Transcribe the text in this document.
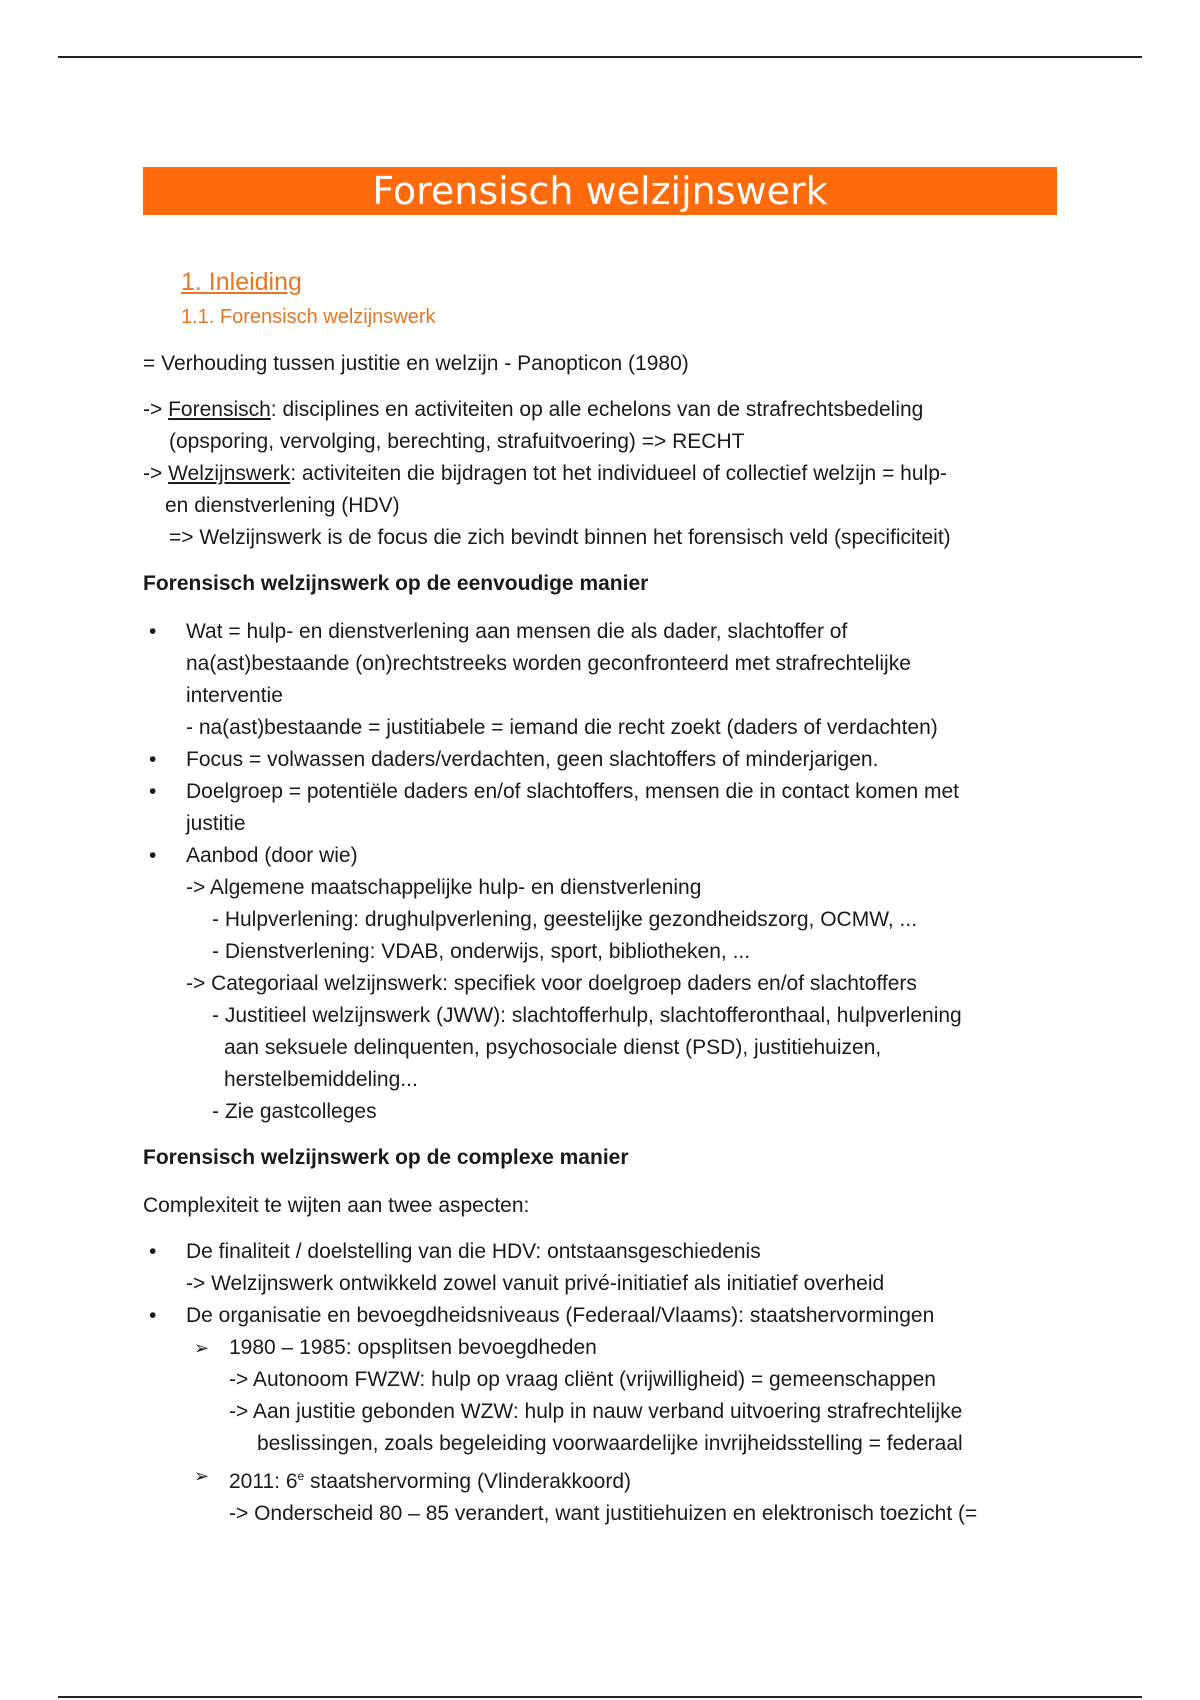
Forensisch welzijnswerk
1. Inleiding
1.1. Forensisch welzijnswerk

= Verhouding tussen justitie en welzijn - Panopticon (1980)

-> Forensisch: disciplines en activiteiten op alle echelons van de strafrechtsbedeling

(opsporing, vervolging, berechting, strafuitvoering) => RECHT

-> Welzijnswerk: activiteiten die bijdragen tot het individueel of collectief welzijn = hulp-

en dienstverlening (HDV)

=> Welzijnswerk is de focus die zich bevindt binnen het forensisch veld (specificiteit)

Forensisch welzijnswerk op de eenvoudige manier

• Wat = hulp- en dienstverlening aan mensen die als dader, slachtoffer of
na(ast)bestaande (on)rechtstreeks worden geconfronteerd met strafrechtelijke
interventie
- na(ast)bestaande = justitiabele = iemand die recht zoekt (daders of verdachten)
• Focus = volwassen daders/verdachten, geen slachtoffers of minderjarigen.
• Doelgroep = potentiële daders en/of slachtoffers, mensen die in contact komen met
justitie
• Aanbod (door wie)
-> Algemene maatschappelijke hulp- en dienstverlening
- Hulpverlening: drughulpverlening, geestelijke gezondheidszorg, OCMW, ...
- Dienstverlening: VDAB, onderwijs, sport, bibliotheken, ...
-> Categoriaal welzijnswerk: specifiek voor doelgroep daders en/of slachtoffers
- Justitieel welzijnswerk (JWW): slachtofferhulp, slachtofferonthaal, hulpverlening
aan seksuele delinquenten, psychosociale dienst (PSD), justitiehuizen,
herstelbemiddeling...
- Zie gastcolleges

Forensisch welzijnswerk op de complexe manier

Complexiteit te wijten aan twee aspecten:

• De finaliteit / doelstelling van die HDV: ontstaansgeschiedenis
-> Welzijnswerk ontwikkeld zowel vanuit privé-initiatief als initiatief overheid
• De organisatie en bevoegdheidsniveaus (Federaal/Vlaams): staatshervormingen
➢ 1980 – 1985: opsplitsen bevoegdheden
-> Autonoom FWZW: hulp op vraag cliënt (vrijwilligheid) = gemeenschappen
-> Aan justitie gebonden WZW: hulp in nauw verband uitvoering strafrechtelijke
beslissingen, zoals begeleiding voorwaardelijke invrijheidsstelling = federaal
➢ 2011: 6e staatshervorming (Vlinderakkoord)
-> Onderscheid 80 – 85 verandert, want justitiehuizen en elektronisch toezicht (=
